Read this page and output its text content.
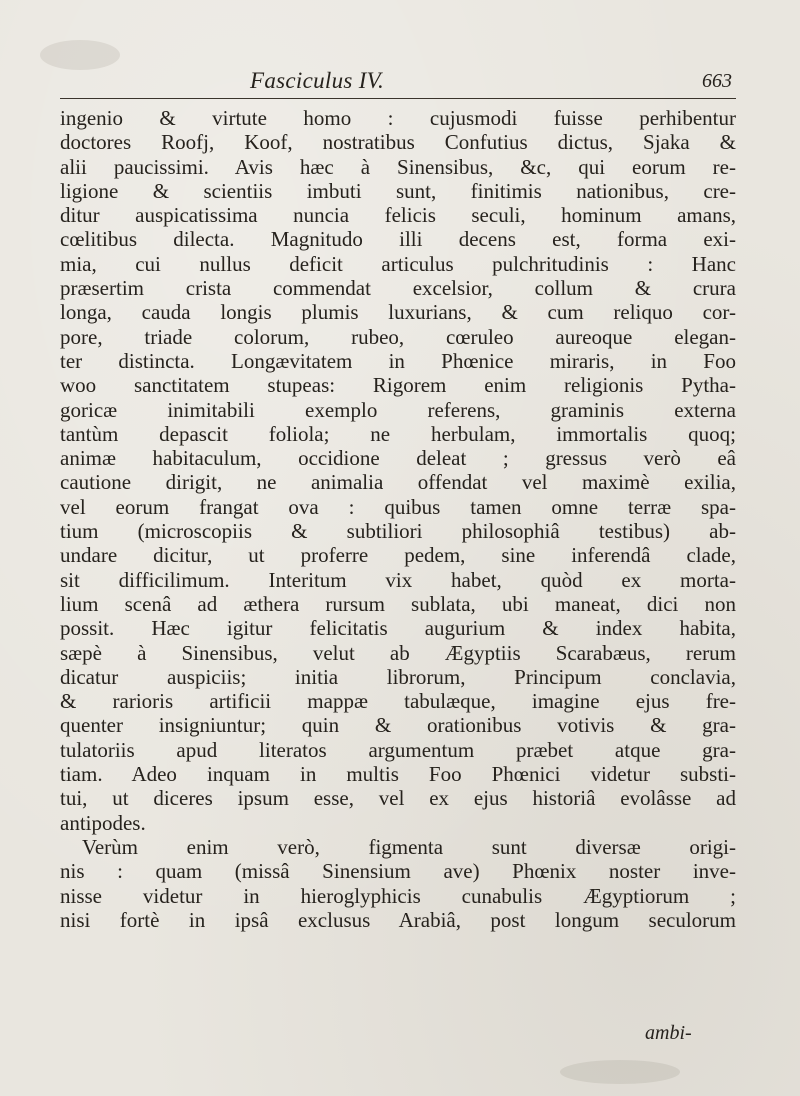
Fasciculus IV.	663
ingenio & virtute homo : cujusmodi fuisse perhibentur
doctores Roofj, Koof, nostratibus Confutius dictus, Sjaka &
alii paucissimi. Avis hæc à Sinensibus, &c, qui eorum re-
ligione & scientiis imbuti sunt, finitimis nationibus, cre-
ditur auspicatissima nuncia felicis seculi, hominum amans,
cœlitibus dilecta. Magnitudo illi decens est, forma exi-
mia, cui nullus deficit articulus pulchritudinis : Hanc
præsertim crista commendat excelsior, collum & crura
longa, cauda longis plumis luxurians, & cum reliquo cor-
pore, triade colorum, rubeo, cœruleo aureoque elegan-
ter distincta. Longævitatem in Phœnice miraris, in Foo
woo sanctitatem stupeas: Rigorem enim religionis Pytha-
goricæ inimitabili exemplo referens, graminis externa
tantùm depascit foliola; ne herbulam, immortalis quoq;
animæ habitaculum, occidione deleat ; gressus verò eâ
cautione dirigit, ne animalia offendat vel maximè exilia,
vel eorum frangat ova : quibus tamen omne terræ spa-
tium (microscopiis & subtiliori philosophiâ testibus) ab-
undare dicitur, ut proferre pedem, sine inferendâ clade,
sit difficilimum. Interitum vix habet, quòd ex morta-
lium scenâ ad æthera rursum sublata, ubi maneat, dici non
possit. Hæc igitur felicitatis augurium & index habita,
sæpè à Sinensibus, velut ab Ægyptiis Scarabæus, rerum
dicatur auspiciis; initia librorum, Principum conclavia,
& rarioris artificii mappæ tabulæque, imagine ejus fre-
quenter insigniuntur; quin & orationibus votivis & gra-
tulatoriis apud literatos argumentum præbet atque gra-
tiam. Adeo inquam in multis Foo Phœnici videtur substi-
tui, ut diceres ipsum esse, vel ex ejus historiâ evolâsse ad
antipodes.
Verùm enim verò, figmenta sunt diversæ origi-
nis : quam (missâ Sinensium ave) Phœnix noster inve-
nisse videtur in hieroglyphicis cunabulis Ægyptiorum ;
nisi fortè in ipsâ exclusus Arabiâ, post longum seculorum
ambi-
